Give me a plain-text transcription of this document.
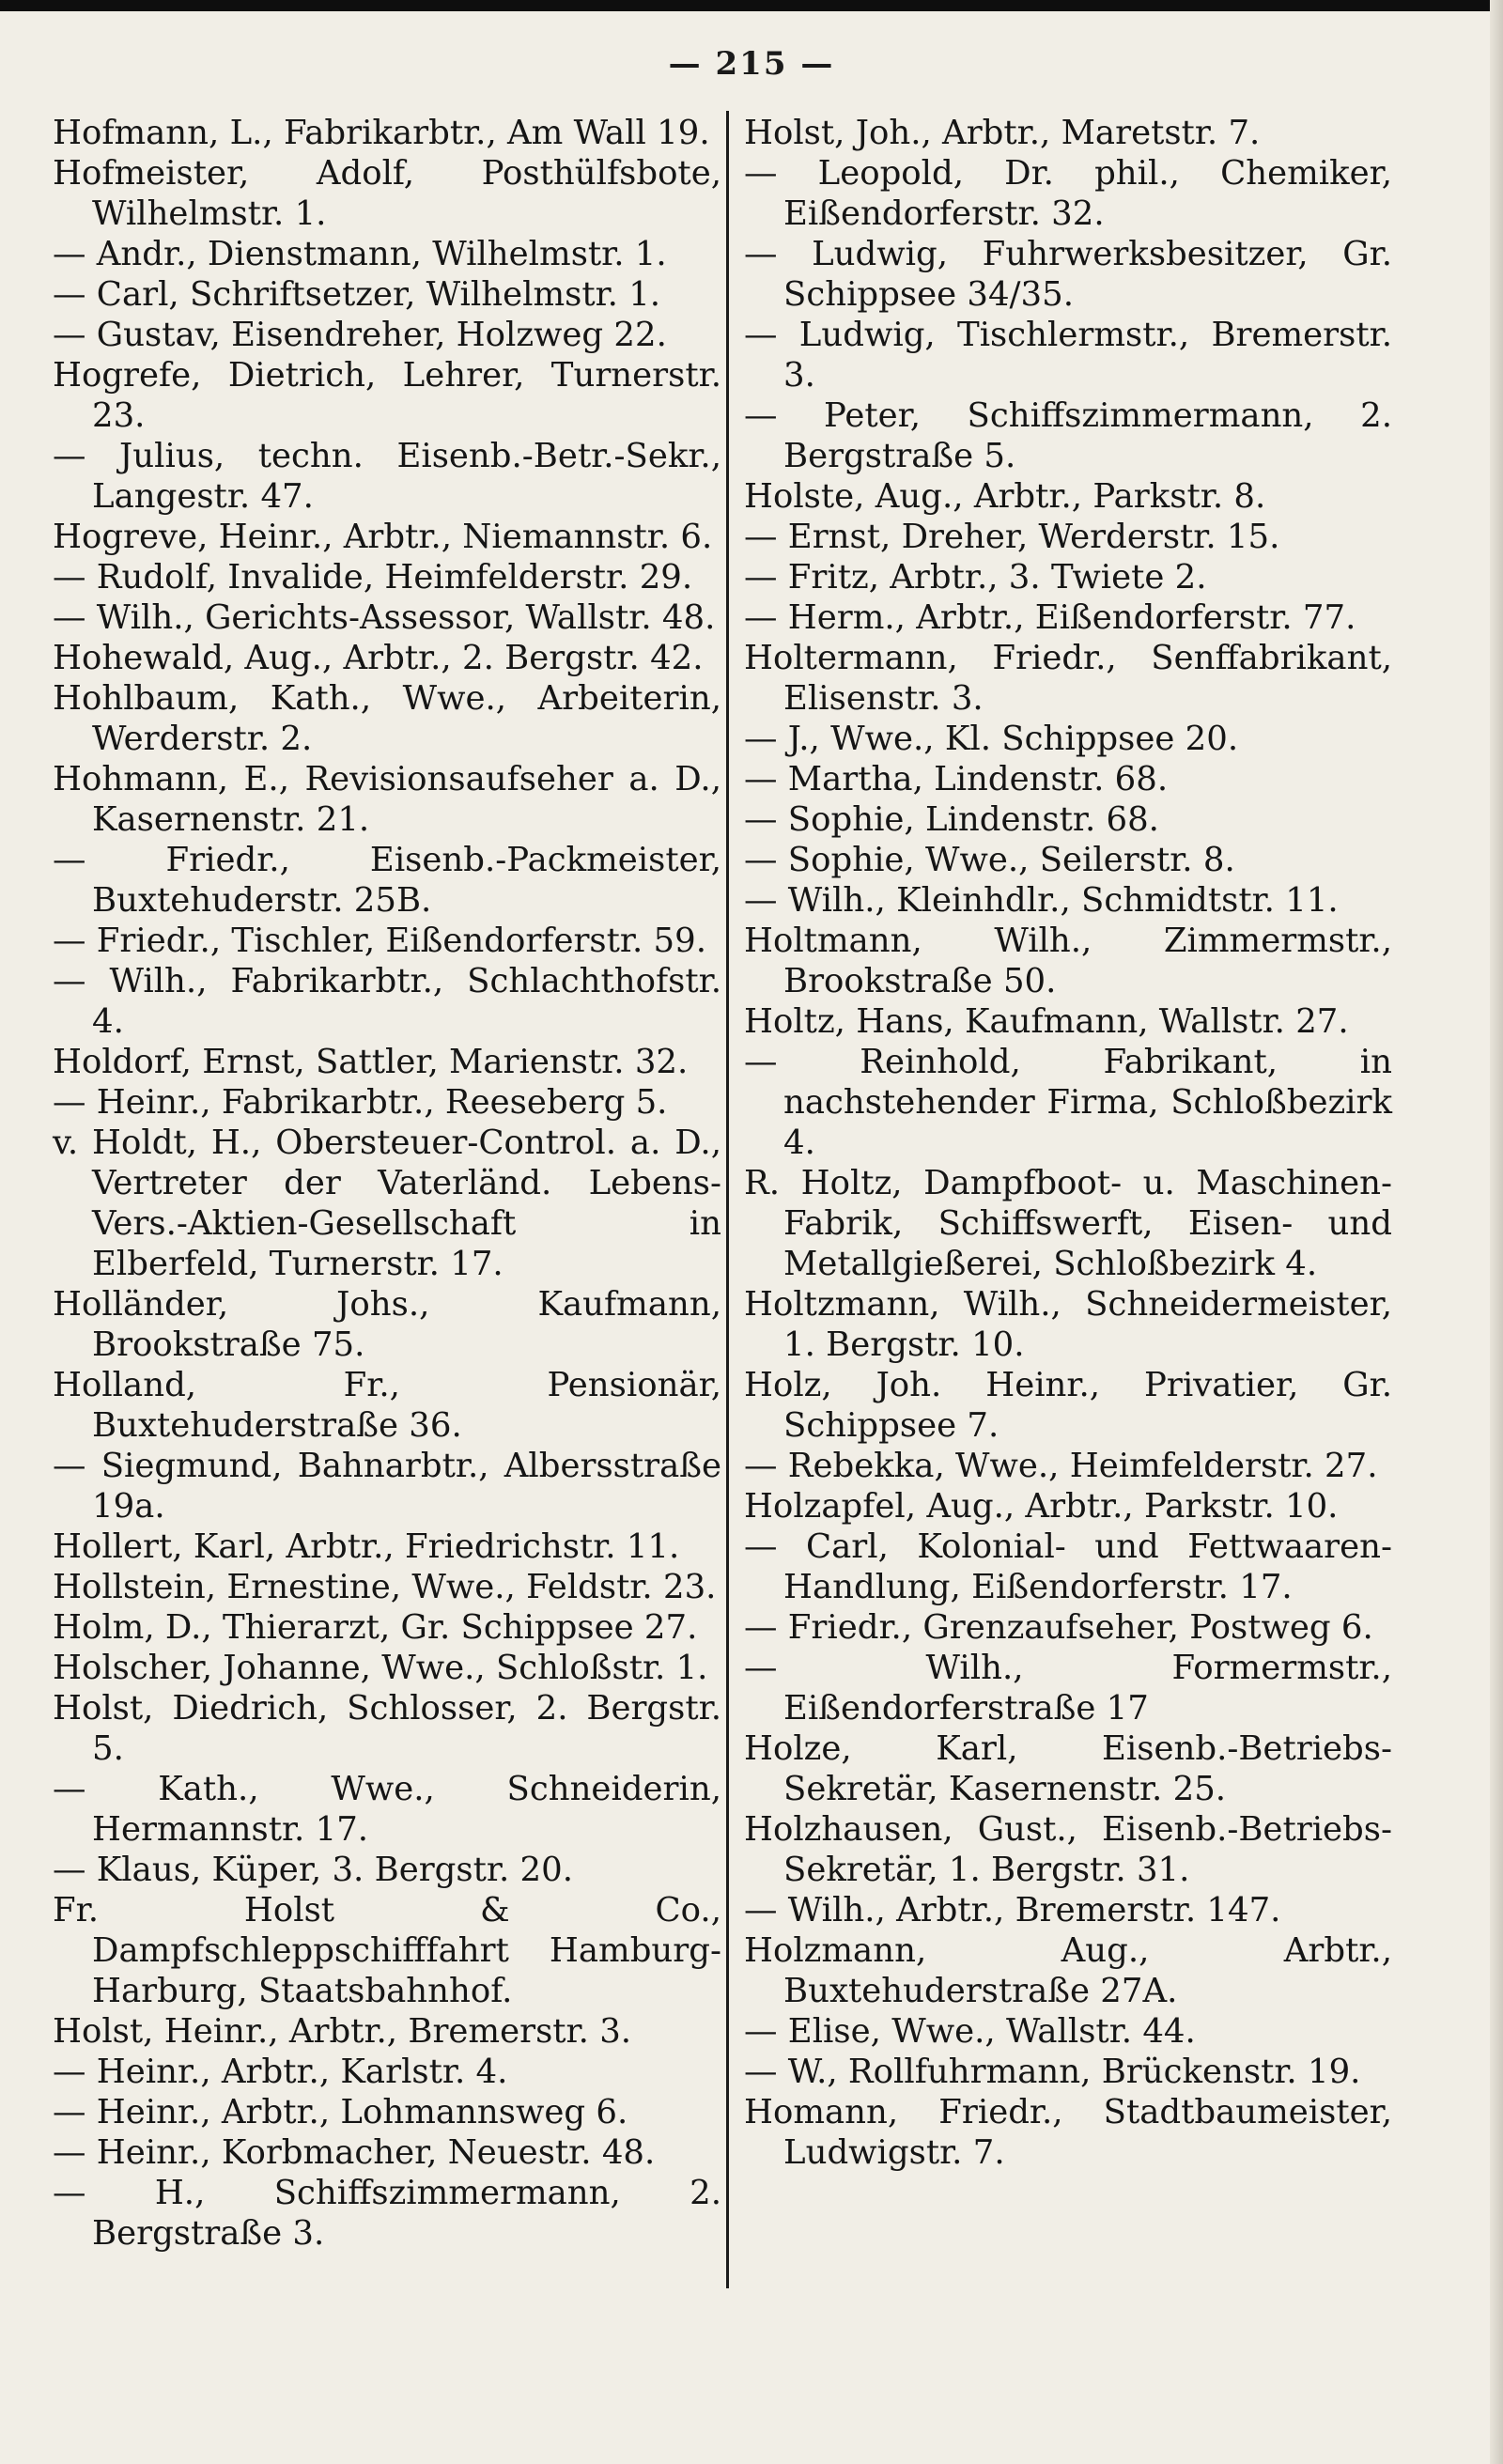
— 215 —
Hofmann, L., Fabrikarbtr., Am Wall 19.
Hofmeister, Adolf, Posthülfsbote, Wilhelmstr. 1.
— Andr., Dienstmann, Wilhelmstr. 1.
— Carl, Schriftsetzer, Wilhelmstr. 1.
— Gustav, Eisendreher, Holzweg 22.
Hogrefe, Dietrich, Lehrer, Turnerstr. 23.
— Julius, techn. Eisenb.-Betr.-Sekr., Langestr. 47.
Hogreve, Heinr., Arbtr., Niemannstr. 6.
— Rudolf, Invalide, Heimfelderstr. 29.
— Wilh., Gerichts-Assessor, Wallstr. 48.
Hohewald, Aug., Arbtr., 2. Bergstr. 42.
Hohlbaum, Kath., Wwe., Arbeiterin, Werderstr. 2.
Hohmann, E., Revisionsaufseher a. D., Kasernenstr. 21.
— Friedr., Eisenb.-Packmeister, Buxtehuderstr. 25B.
— Friedr., Tischler, Eißendorferstr. 59.
— Wilh., Fabrikarbtr., Schlachthofstr. 4.
Holdorf, Ernst, Sattler, Marienstr. 32.
— Heinr., Fabrikarbtr., Reeseberg 5.
v. Holdt, H., Obersteuer-Control. a. D., Vertreter der Vaterländ. Lebens-Vers.-Aktien-Gesellschaft in Elberfeld, Turnerstr. 17.
Holländer, Johs., Kaufmann, Brookstraße 75.
Holland, Fr., Pensionär, Buxtehuderstraße 36.
— Siegmund, Bahnarbtr., Albersstraße 19a.
Hollert, Karl, Arbtr., Friedrichstr. 11.
Hollstein, Ernestine, Wwe., Feldstr. 23.
Holm, D., Thierarzt, Gr. Schippsee 27.
Holscher, Johanne, Wwe., Schloßstr. 1.
Holst, Diedrich, Schlosser, 2. Bergstr. 5.
— Kath., Wwe., Schneiderin, Hermannstr. 17.
— Klaus, Küper, 3. Bergstr. 20.
Fr. Holst & Co., Dampfschleppschifffahrt Hamburg-Harburg, Staatsbahnhof.
Holst, Heinr., Arbtr., Bremerstr. 3.
— Heinr., Arbtr., Karlstr. 4.
— Heinr., Arbtr., Lohmannsweg 6.
— Heinr., Korbmacher, Neuestr. 48.
— H., Schiffszimmermann, 2. Bergstraße 3.
Holst, Joh., Arbtr., Maretstr. 7.
— Leopold, Dr. phil., Chemiker, Eißendorferstr. 32.
— Ludwig, Fuhrwerksbesitzer, Gr. Schippsee 34/35.
— Ludwig, Tischlermstr., Bremerstr. 3.
— Peter, Schiffszimmermann, 2. Bergstraße 5.
Holste, Aug., Arbtr., Parkstr. 8.
— Ernst, Dreher, Werderstr. 15.
— Fritz, Arbtr., 3. Twiete 2.
— Herm., Arbtr., Eißendorferstr. 77.
Holtermann, Friedr., Senffabrikant, Elisenstr. 3.
— J., Wwe., Kl. Schippsee 20.
— Martha, Lindenstr. 68.
— Sophie, Lindenstr. 68.
— Sophie, Wwe., Seilerstr. 8.
— Wilh., Kleinhdlr., Schmidtstr. 11.
Holtmann, Wilh., Zimmermstr., Brookstraße 50.
Holtz, Hans, Kaufmann, Wallstr. 27.
— Reinhold, Fabrikant, in nachstehender Firma, Schloßbezirk 4.
R. Holtz, Dampfboot- u. Maschinen-Fabrik, Schiffswerft, Eisen- und Metallgießerei, Schloßbezirk 4.
Holtzmann, Wilh., Schneidermeister, 1. Bergstr. 10.
Holz, Joh. Heinr., Privatier, Gr. Schippsee 7.
— Rebekka, Wwe., Heimfelderstr. 27.
Holzapfel, Aug., Arbtr., Parkstr. 10.
— Carl, Kolonial- und Fettwaaren-Handlung, Eißendorferstr. 17.
— Friedr., Grenzaufseher, Postweg 6.
— Wilh., Formermstr., Eißendorferstraße 17
Holze, Karl, Eisenb.-Betriebs-Sekretär, Kasernenstr. 25.
Holzhausen, Gust., Eisenb.-Betriebs-Sekretär, 1. Bergstr. 31.
— Wilh., Arbtr., Bremerstr. 147.
Holzmann, Aug., Arbtr., Buxtehuderstraße 27A.
— Elise, Wwe., Wallstr. 44.
— W., Rollfuhrmann, Brückenstr. 19.
Homann, Friedr., Stadtbaumeister, Ludwigstr. 7.
